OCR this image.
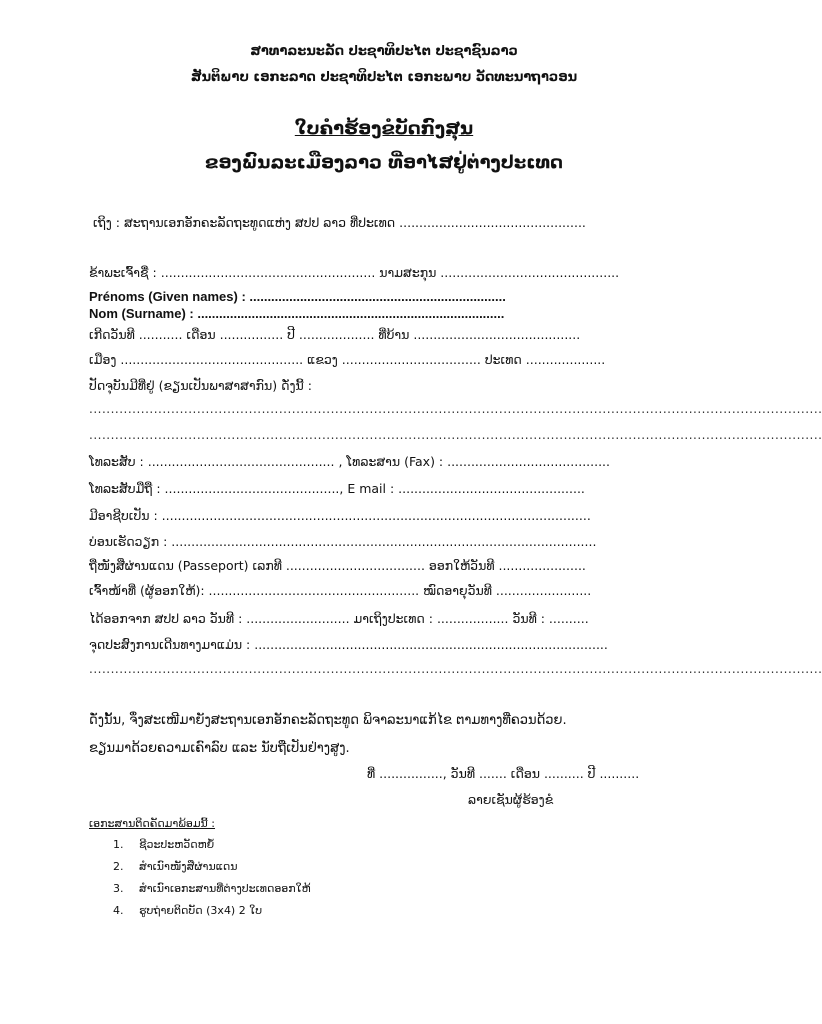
ສາທາລະນະລັດ ປະຊາທິປະໄຕ ປະຊາຊົນລາວ
ສັນຕິພາບ ເອກະລາດ ປະຊາທິປະໄຕ ເອກະພາບ ວັດທະນາຖາວອນ
ໃບຄໍາຮ້ອງຂໍບັດກົງສຸນ
ຂອງພົນລະເມືອງລາວ ທີ່ອາໄສຢູ່ຕ່າງປະເທດ
ເຖິງ : ສະຖານເອກອັກຄະລັດຖະທູດແຫ່ງ ສປປ ລາວ ທີ່ປະເທດ ...............................................
ຂ້າພະເຈົ້າຊື່ : ...................................................... ນາມສະກຸນ .............................................
Prénoms (Given names) : .......................................................................
Nom (Surname) : .....................................................................................
ເກີດວັນທີ ........... ເດືອນ ................ ປີ ................... ທີ່ບ້ານ ..........................................
ເມືອງ .............................................. ແຂວງ ................................... ປະເທດ ....................
ປັດຈຸບັນມີທີ່ຢູ່ (ຂຽນເປັນພາສາສາກົນ) ດັ່ງນີ້ :
..........................................................................................................................................................................
..........................................................................................................................................................................
ໂທລະສັບ : ............................................... , ໂທລະສານ (Fax) : .........................................
ໂທລະສັບມືຖື : ............................................, E mail : ...............................................
ມີອາຊີບເປັນ : ............................................................................................................
ບ່ອນເຮັດວຽກ : ...........................................................................................................
ຖືໜັງສືຜ່ານແດນ (Passeport) ເລກທີ ................................... ອອກໃຫ້ວັນທີ ......................
ເຈົ້າໜ້າທີ່ (ຜູ້ອອກໃຫ້): ..................................................... ໝົດອາຍຸວັນທີ ........................
ໄດ້ອອກຈາກ ສປປ ລາວ ວັນທີ : .......................... ມາເຖິງປະເທດ : .................. ວັນທີ : ..........
ຈຸດປະສົງການເດີນທາງມາແມ່ນ : .........................................................................................
..........................................................................................................................................................................
ດັ່ງນັ້ນ, ຈຶ່ງສະເໜີມາຍັງສະຖານເອກອັກຄະລັດຖະທູດ ພິຈາລະນາແກ້ໄຂ ຕາມທາງທີ່ຄວນດ້ວຍ.
ຂຽນມາດ້ວຍຄວາມເຄົາລົບ ແລະ ນັບຖືເປັນຢ່າງສູງ.
ທີ່ ................, ວັນທີ ....... ເດືອນ .......... ປີ ..........
ລາຍເຊັນຜູ້ຮ້ອງຂໍ
ເອກະສານຕິດຄັດມາພ້ອມນີ້ :
1. ຊີວະປະຫວັດຫຍໍ້
2. ສໍາເນົາໜັງສືຜ່ານແດນ
3. ສໍາເນົາເອກະສານທີ່ຕ່າງປະເທດອອກໃຫ້
4. ຮູບຖ່າຍຕິດບັດ (3x4) 2 ໃບ
